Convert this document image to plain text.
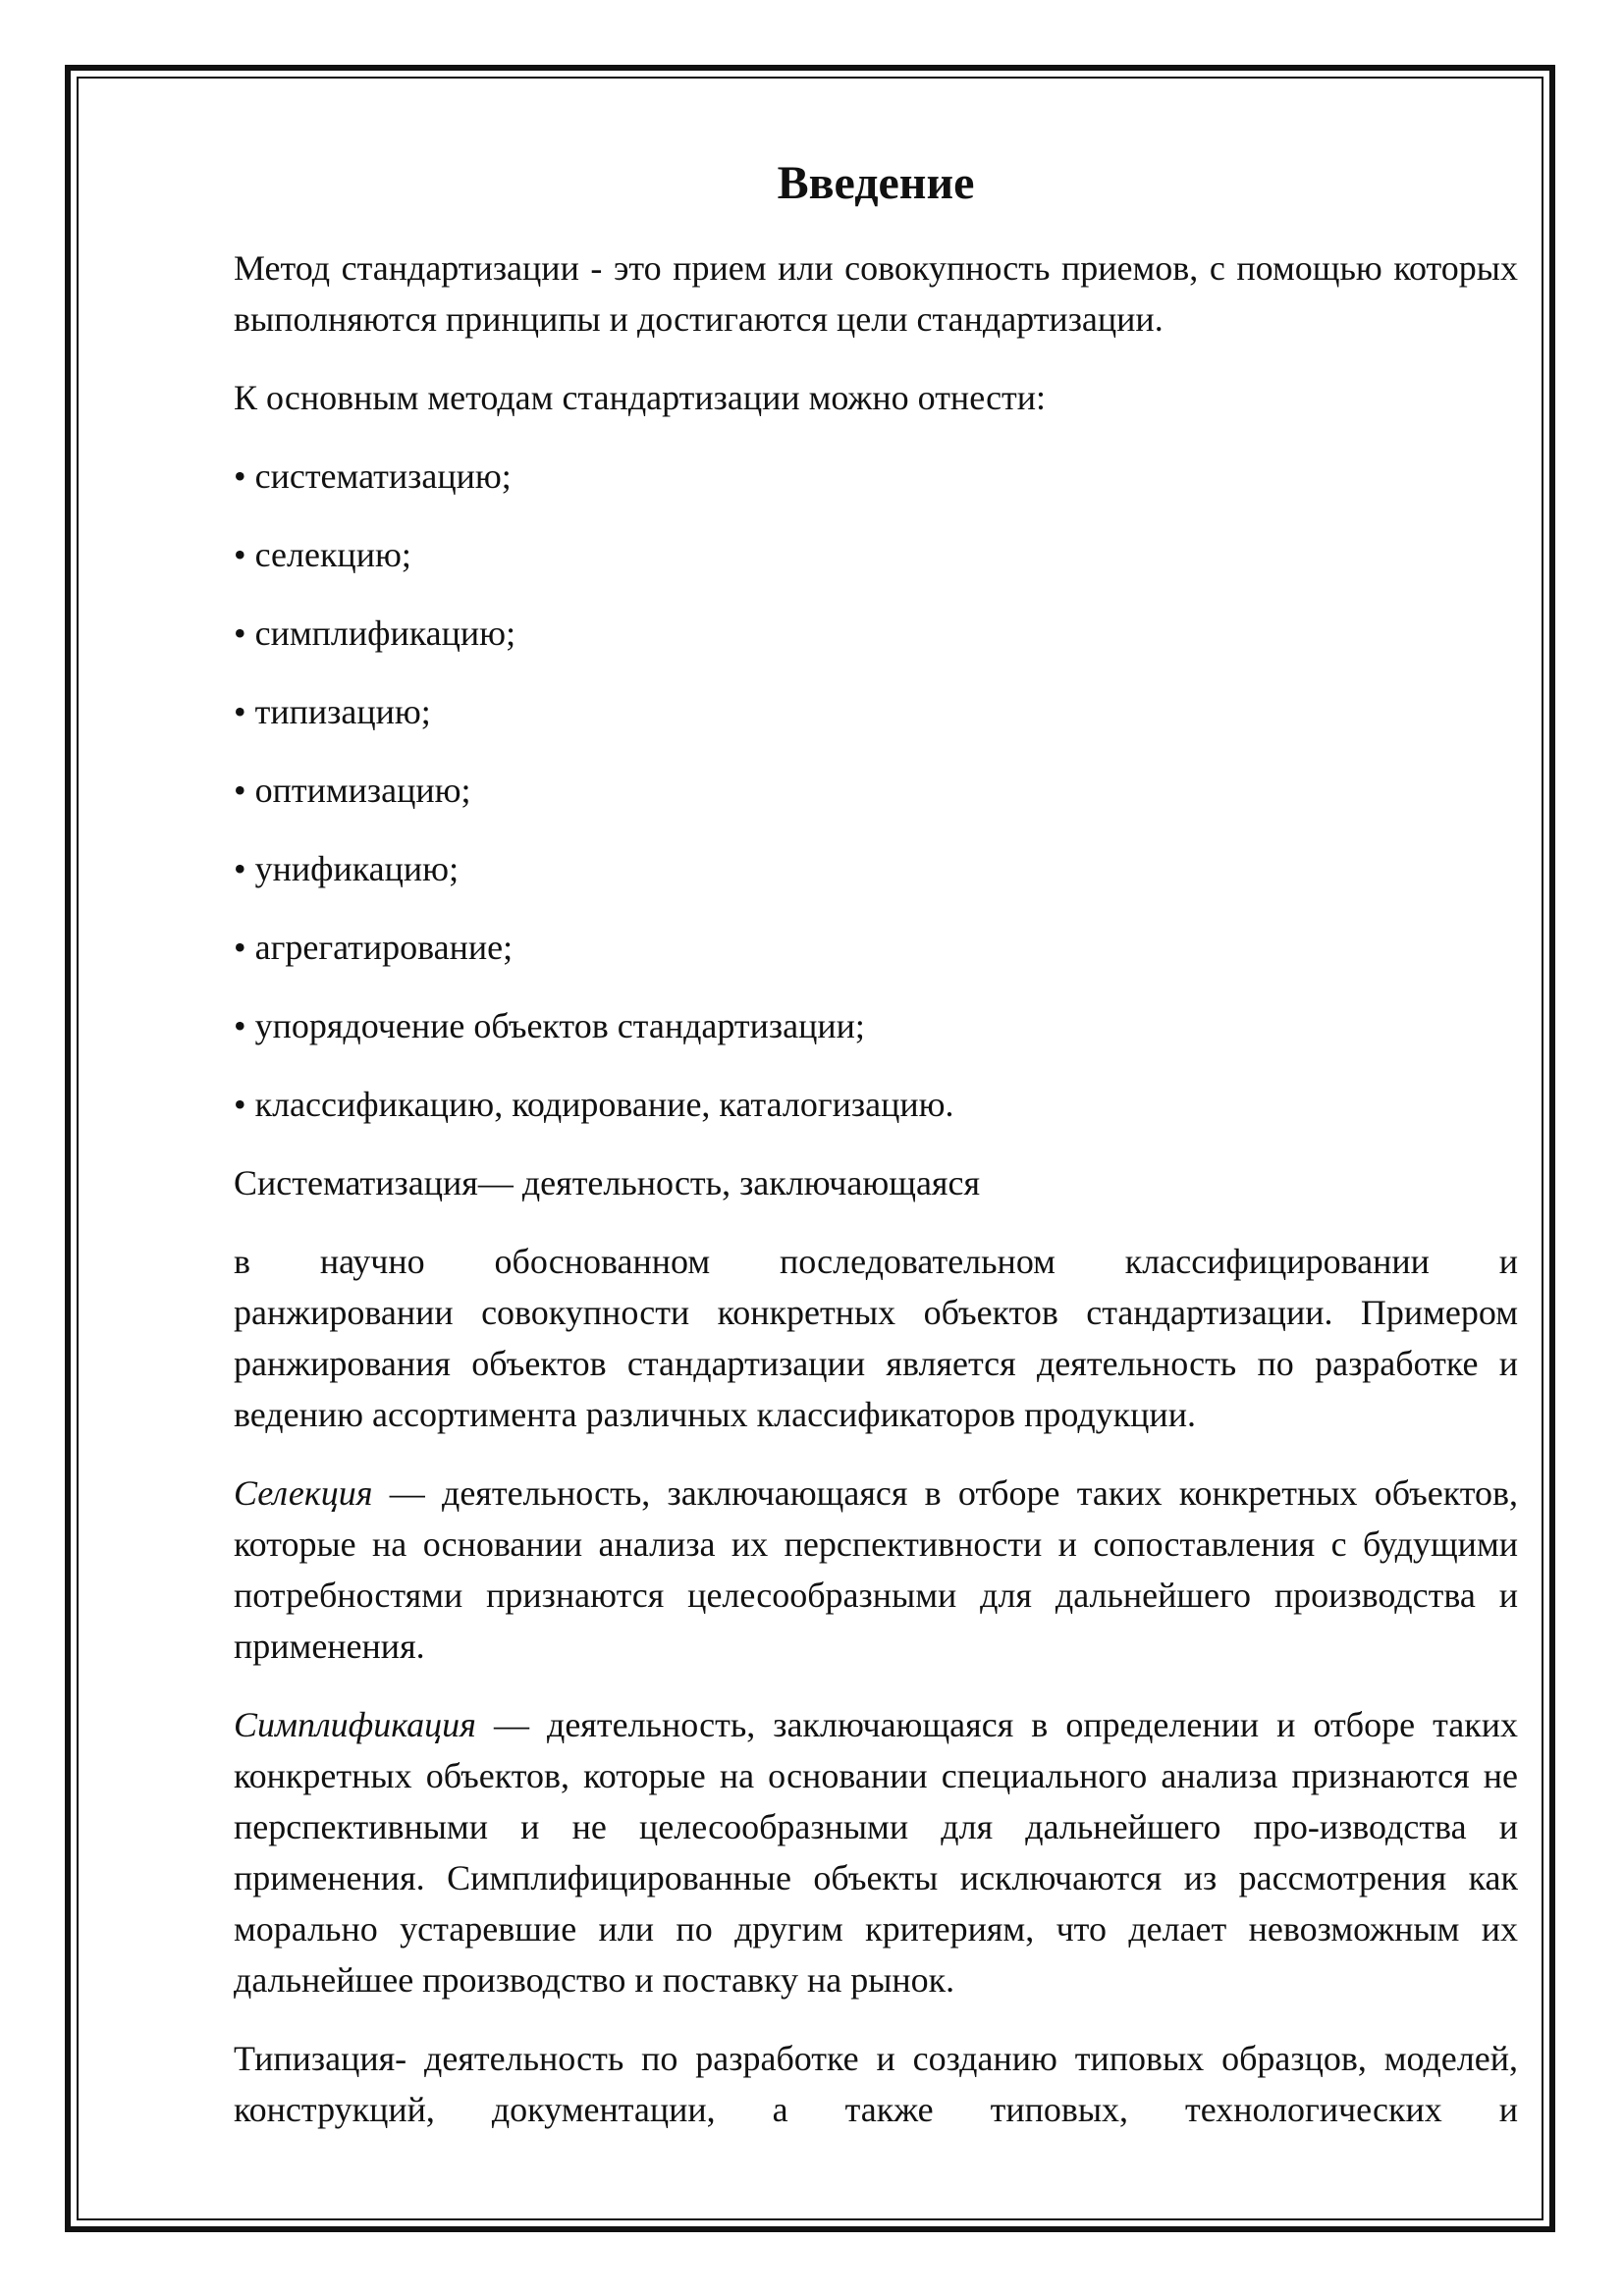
Введение

Метод стандартизации - это прием или совокупность приемов, с помощью которых выполняются принципы и достигаются цели стандартизации.

К основным методам стандартизации можно отнести:

• систематизацию;
• селекцию;
• симплификацию;
• типизацию;
• оптимизацию;
• унификацию;
• агрегатирование;
• упорядочение объектов стандартизации;
• классификацию, кодирование, каталогизацию.

Систематизация— деятельность, заключающаяся

в научно обоснованном последовательном классифицировании и
ранжировании совокупности конкретных объектов стандартизации. Примером ранжирования объектов стандартизации является деятельность по разработке и ведению ассортимента различных классификаторов продукции.

Селекция — деятельность, заключающаяся в отборе таких конкретных объектов, которые на основании анализа их перспективности и сопоставления с будущими потребностями признаются целесообразными для дальнейшего производства и применения.

Симплификация — деятельность, заключающаяся в определении и отборе таких конкретных объектов, которые на основании специального анализа признаются не перспективными и не целесообразными для дальнейшего про-изводства и применения. Симплифицированные объекты исключаются из рассмотрения как морально устаревшие или по другим критериям, что делает невозможным их дальнейшее производство и поставку на рынок.

Типизация- деятельность по разработке и созданию типовых образцов, моделей, конструкций, документации, а также типовых, технологических и
